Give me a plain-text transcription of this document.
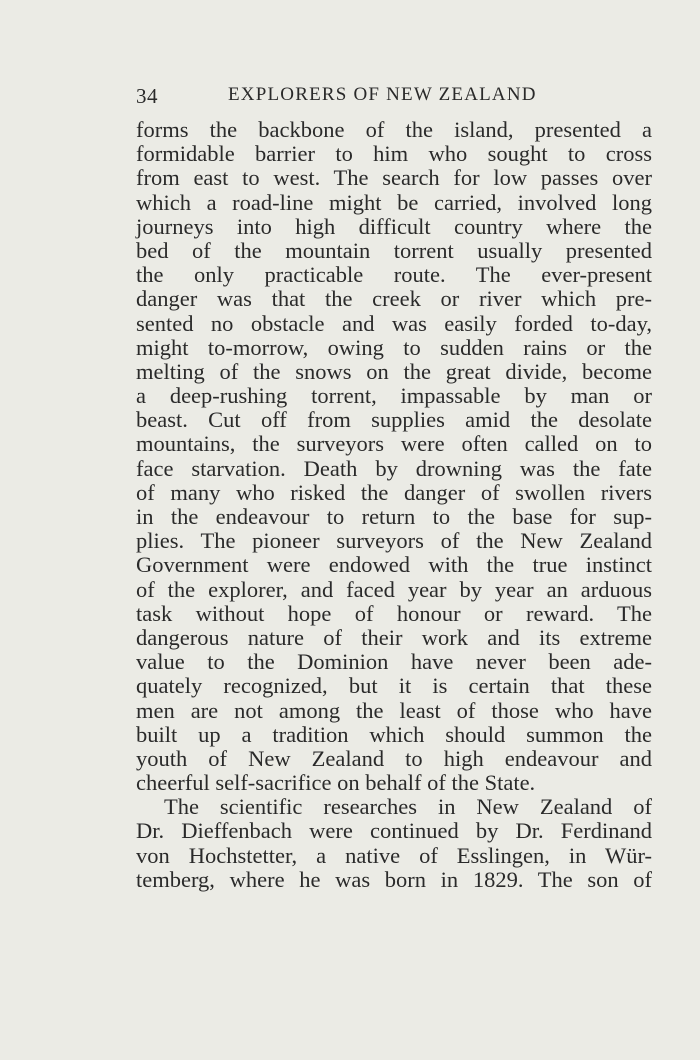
34	EXPLORERS OF NEW ZEALAND
forms the backbone of the island, presented a
formidable barrier to him who sought to cross
from east to west. The search for low passes over
which a road-line might be carried, involved long
journeys into high difficult country where the
bed of the mountain torrent usually presented
the only practicable route. The ever-present
danger was that the creek or river which pre-
sented no obstacle and was easily forded to-day,
might to-morrow, owing to sudden rains or the
melting of the snows on the great divide, become
a deep-rushing torrent, impassable by man or
beast. Cut off from supplies amid the desolate
mountains, the surveyors were often called on to
face starvation. Death by drowning was the fate
of many who risked the danger of swollen rivers
in the endeavour to return to the base for sup-
plies. The pioneer surveyors of the New Zealand
Government were endowed with the true instinct
of the explorer, and faced year by year an arduous
task without hope of honour or reward. The
dangerous nature of their work and its extreme
value to the Dominion have never been ade-
quately recognized, but it is certain that these
men are not among the least of those who have
built up a tradition which should summon the
youth of New Zealand to high endeavour and
cheerful self-sacrifice on behalf of the State.
The scientific researches in New Zealand of
Dr. Dieffenbach were continued by Dr. Ferdinand
von Hochstetter, a native of Esslingen, in Wür-
temberg, where he was born in 1829. The son of
